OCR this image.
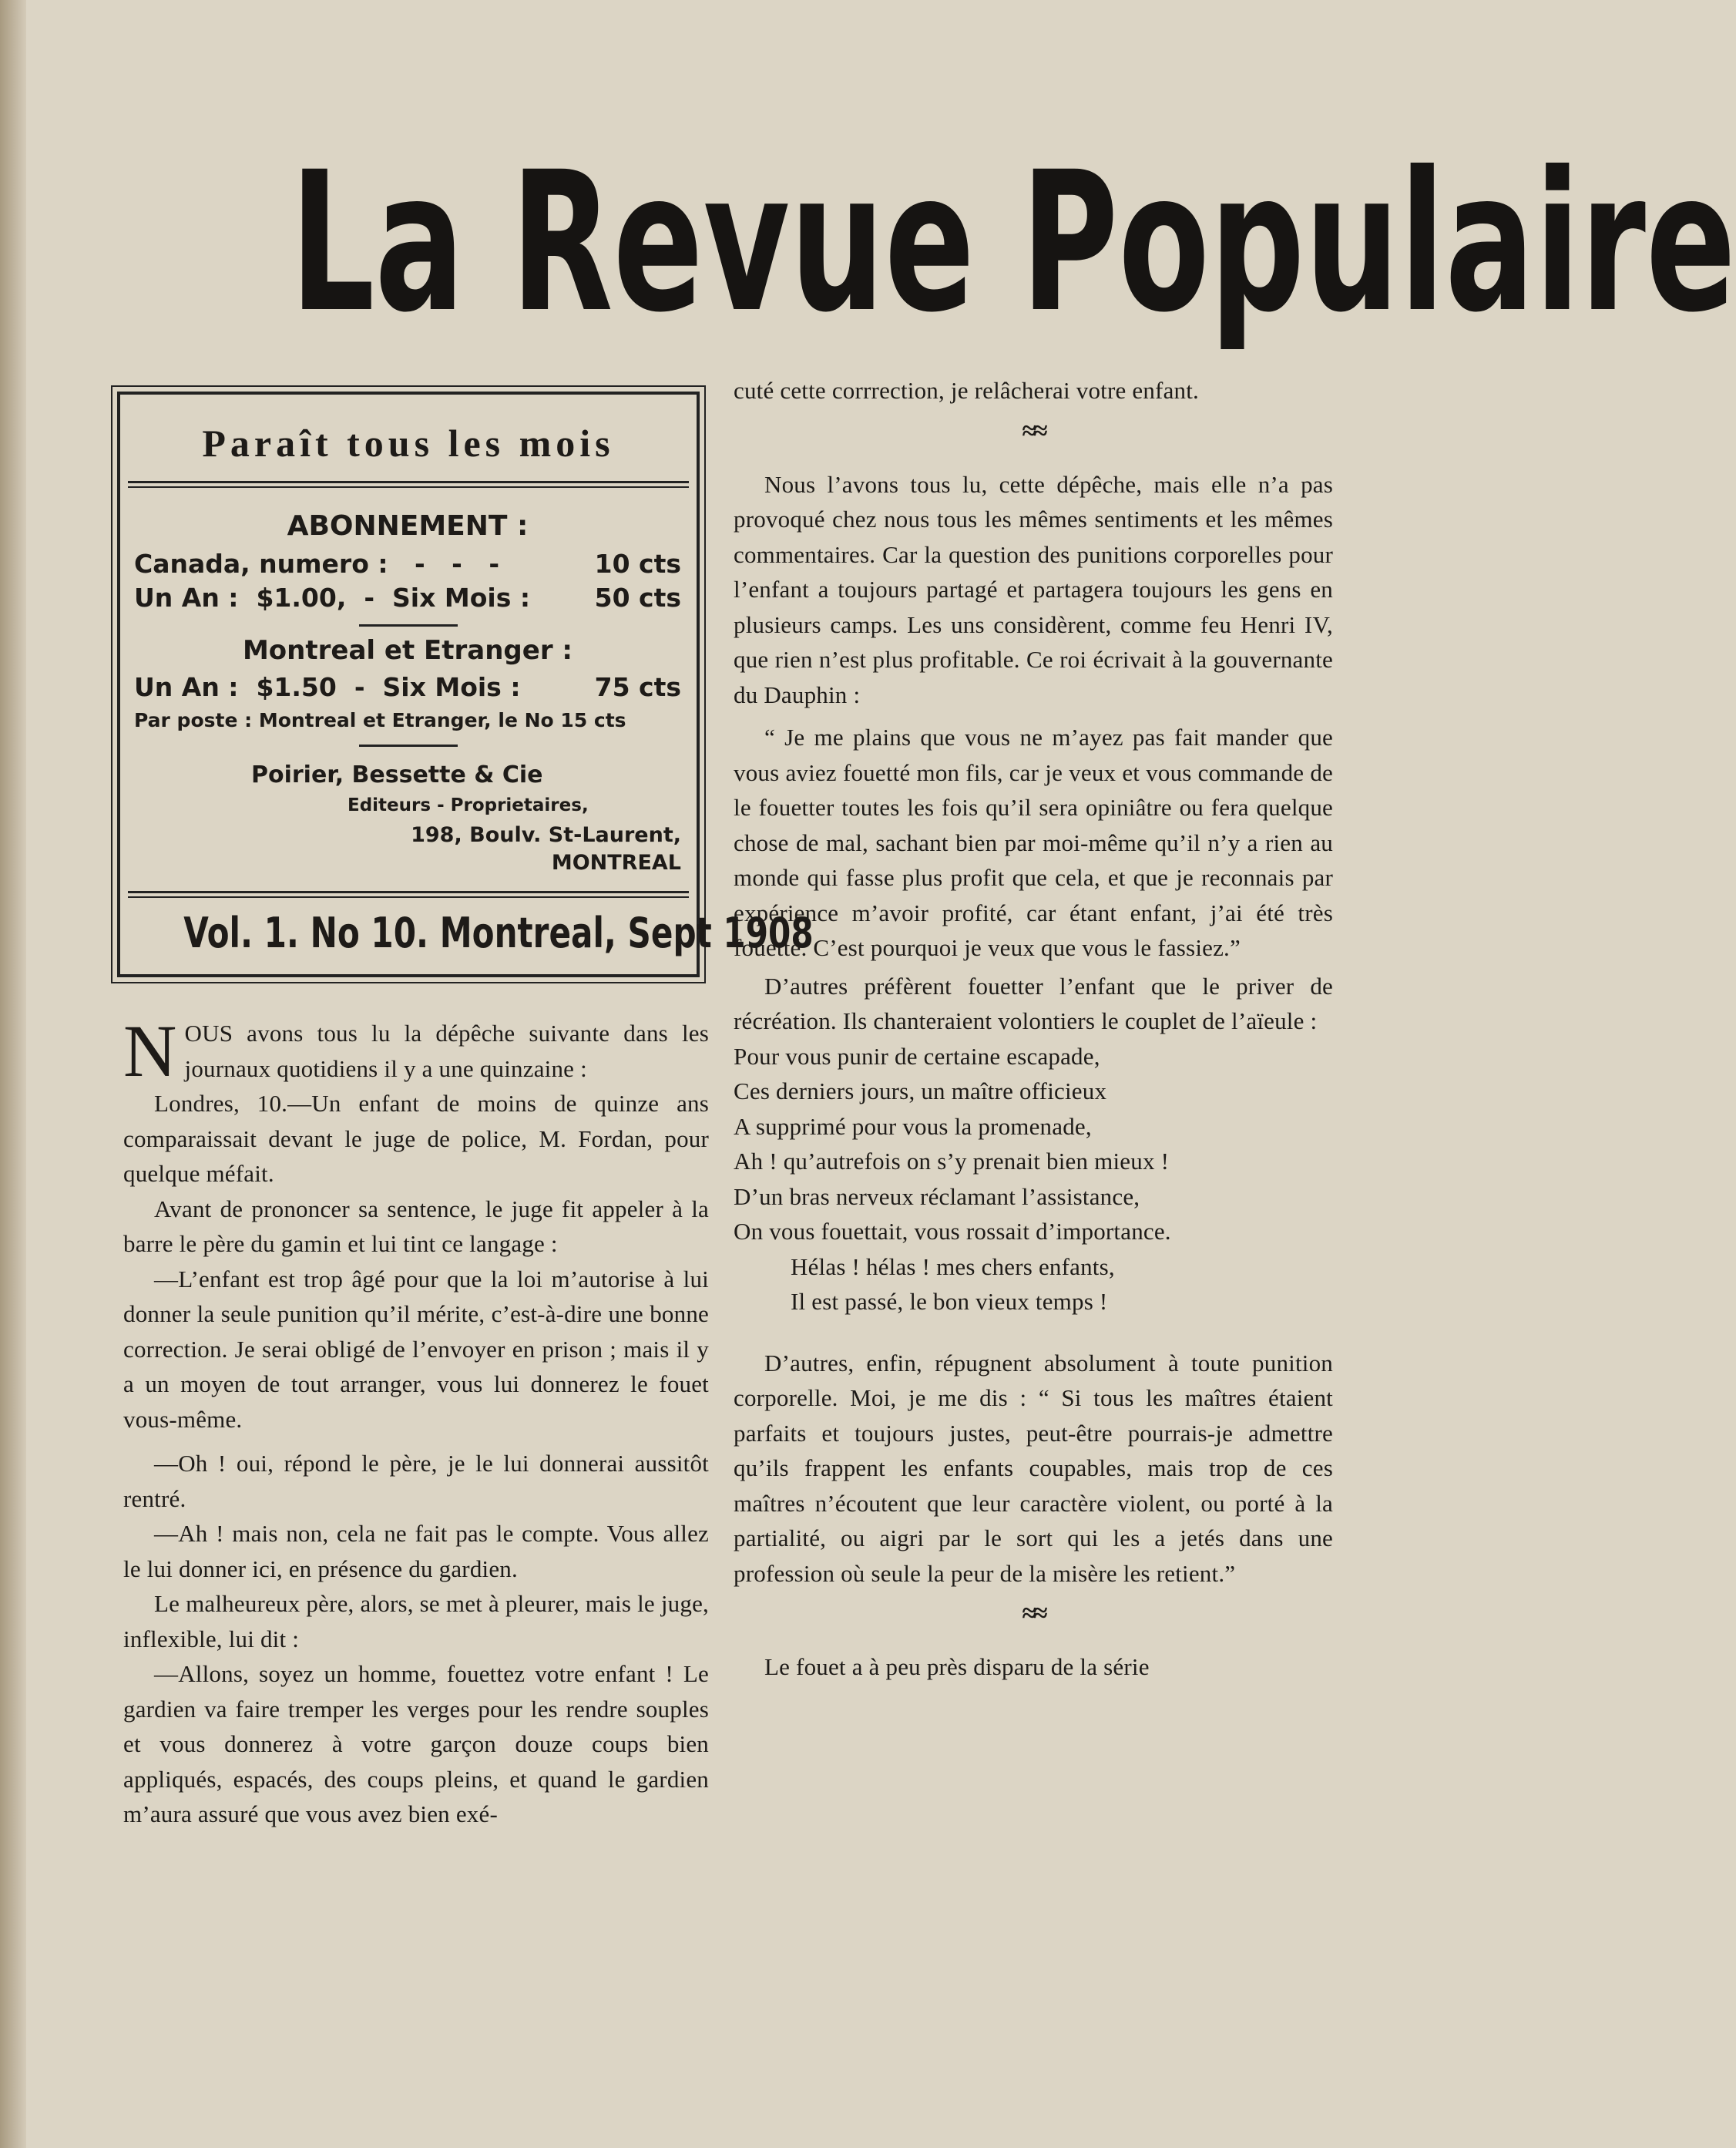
La Revue Populaire
Paraît tous les mois
ABONNEMENT :
Canada, numero :   -   -   -	10 cts
Un An :  $1.00,  -  Six Mois :	50 cts
Montreal et Etranger :
Un An :  $1.50  -  Six Mois :	75 cts
Par poste : Montreal et Etranger, le No 15 cts
Poirier, Bessette & Cie
Editeurs - Proprietaires,
198, Boulv. St-Laurent,
MONTREAL
Vol. 1. No 10. Montreal, Sept 1908

NOUS avons tous lu la dépêche suivante dans les journaux quotidiens il y a une quinzaine :

Londres, 10.—Un enfant de moins de quinze ans comparaissait devant le juge de police, M. Fordan, pour quelque méfait.

Avant de prononcer sa sentence, le juge fit appeler à la barre le père du gamin et lui tint ce langage :

—L’enfant est trop âgé pour que la loi m’autorise à lui donner la seule punition qu’il mérite, c’est-à-dire une bonne correction. Je serai obligé de l’envoyer en prison ; mais il y a un moyen de tout arranger, vous lui donnerez le fouet vous-même.

—Oh ! oui, répond le père, je le lui donnerai aussitôt rentré.

—Ah ! mais non, cela ne fait pas le compte. Vous allez le lui donner ici, en présence du gardien.

Le malheureux père, alors, se met à pleurer, mais le juge, inflexible, lui dit :

—Allons, soyez un homme, fouettez votre enfant ! Le gardien va faire tremper les verges pour les rendre souples et vous donnerez à votre garçon douze coups bien appliqués, espacés, des coups pleins, et quand le gardien m’aura assuré que vous avez bien exé-

cuté cette corrrection, je relâcherai votre enfant.

≈≈

Nous l’avons tous lu, cette dépêche, mais elle n’a pas provoqué chez nous tous les mêmes sentiments et les mêmes commentaires. Car la question des punitions corporelles pour l’enfant a toujours partagé et partagera toujours les gens en plusieurs camps. Les uns considèrent, comme feu Henri IV, que rien n’est plus profitable. Ce roi écrivait à la gouvernante du Dauphin :

“ Je me plains que vous ne m’ayez pas fait mander que vous aviez fouetté mon fils, car je veux et vous commande de le fouetter toutes les fois qu’il sera opiniâtre ou fera quelque chose de mal, sachant bien par moi-même qu’il n’y a rien au monde qui fasse plus profit que cela, et que je reconnais par expérience m’avoir profité, car étant enfant, j’ai été très fouetté. C’est pourquoi je veux que vous le fassiez.”

D’autres préfèrent fouetter l’enfant que le priver de récréation. Ils chanteraient volontiers le couplet de l’aïeule :

Pour vous punir de certaine escapade,
Ces derniers jours, un maître officieux
A supprimé pour vous la promenade,
Ah ! qu’autrefois on s’y prenait bien mieux !
D’un bras nerveux réclamant l’assistance,
On vous fouettait, vous rossait d’importance.
Hélas ! hélas ! mes chers enfants,
Il est passé, le bon vieux temps !

D’autres, enfin, répugnent absolument à toute punition corporelle. Moi, je me dis : “ Si tous les maîtres étaient parfaits et toujours justes, peut-être pourrais-je admettre qu’ils frappent les enfants coupables, mais trop de ces maîtres n’écoutent que leur caractère violent, ou porté à la partialité, ou aigri par le sort qui les a jetés dans une profession où seule la peur de la misère les retient.”

≈≈

Le fouet a à peu près disparu de la série
